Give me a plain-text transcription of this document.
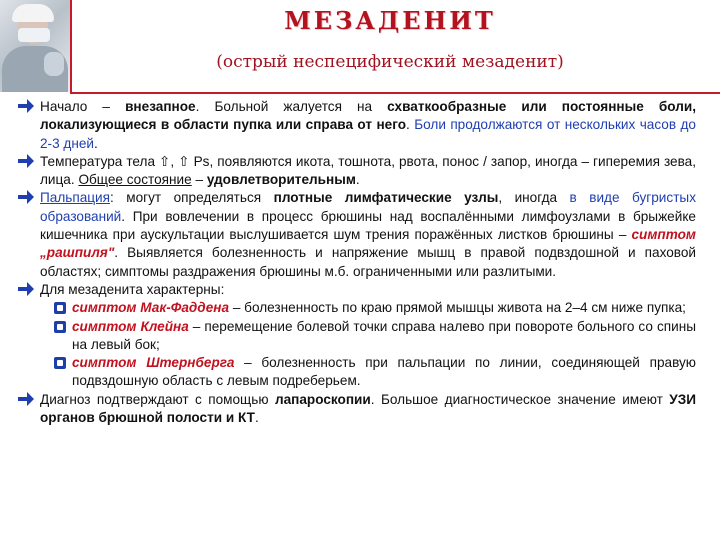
МЕЗАДЕНИТ
(острый неспецифический мезаденит)
Начало – внезапное. Больной жалуется на схваткообразные или постоянные боли, локализующиеся в области пупка или справа от него. Боли продолжаются от нескольких часов до 2-3 дней.
Температура тела ⇧, ⇧ Ps, появляются икота, тошнота, рвота, понос / запор, иногда – гиперемия зева, лица. Общее состояние – удовлетворительным.
Пальпация: могут определяться плотные лимфатические узлы, иногда в виде бугристых образований. При вовлечении в процесс брюшины над воспалёнными лимфоузлами в брыжейке кишечника при аускультации выслушивается шум трения поражённых листков брюшины – симптом „рашпиля". Выявляется болезненность и напряжение мышц в правой подвздошной и паховой областях; симптомы раздражения брюшины м.б. ограниченными или разлитыми.
Для мезаденита характерны:
симптом Мак-Фаддена – болезненность по краю прямой мышцы живота на 2–4 см ниже пупка;
симптом Клейна – перемещение болевой точки справа налево при повороте больного со спины на левый бок;
симптом Штернберга – болезненность при пальпации по линии, соединяющей правую подвздошную область с левым подреберьем.
Диагноз подтверждают с помощью лапароскопии. Большое диагностическое значение имеют УЗИ органов брюшной полости и КТ.
